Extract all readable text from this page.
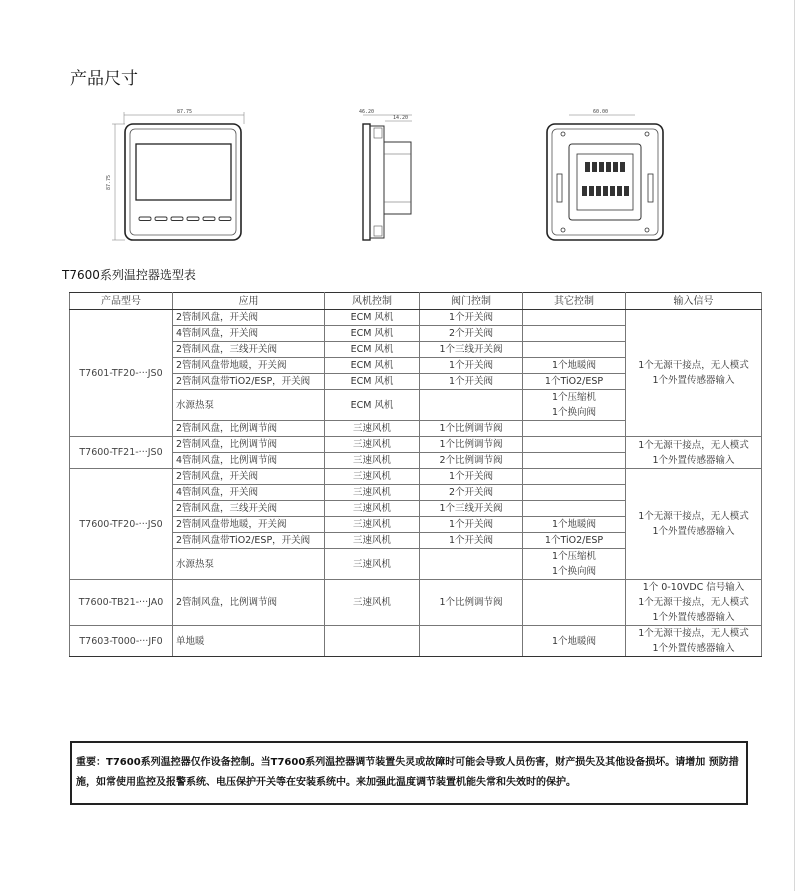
产品尺寸
87.75
87.75
46.20
14.20
60.00
T7600系列温控器选型表
产品型号	应用	风机控制	阀门控制	其它控制	输入信号
T7601-TF20-···JS0	2管制风盘，开关阀	ECM 风机	1个开关阀		1个无源干接点，无人模式
1个外置传感器输入
	4管制风盘，开关阀	ECM 风机	2个开关阀		
	2管制风盘，三线开关阀	ECM 风机	1个三线开关阀		
	2管制风盘带地暖，开关阀	ECM 风机	1个开关阀	1个地暖阀	
	2管制风盘带TiO2/ESP，开关阀	ECM 风机	1个开关阀	1个TiO2/ESP	
	水源热泵	ECM 风机		1个压缩机
1个换向阀	
	2管制风盘，比例调节阀	三速风机	1个比例调节阀		
T7600-TF21-···JS0	2管制风盘，比例调节阀	三速风机	1个比例调节阀		1个无源干接点，无人模式
1个外置传感器输入
	4管制风盘，比例调节阀	三速风机	2个比例调节阀		
T7600-TF20-···JS0	2管制风盘，开关阀	三速风机	1个开关阀		1个无源干接点，无人模式
1个外置传感器输入
	4管制风盘，开关阀	三速风机	2个开关阀		
	2管制风盘，三线开关阀	三速风机	1个三线开关阀		
	2管制风盘带地暖，开关阀	三速风机	1个开关阀	1个地暖阀	
	2管制风盘带TiO2/ESP，开关阀	三速风机	1个开关阀	1个TiO2/ESP	
	水源热泵	三速风机		1个压缩机
1个换向阀	
T7600-TB21-···JA0	2管制风盘，比例调节阀	三速风机	1个比例调节阀		1个 0-10VDC 信号输入
1个无源干接点，无人模式
1个外置传感器输入
T7603-T000-···JF0	单地暖			1个地暖阀	1个无源干接点，无人模式
1个外置传感器输入
重要：T7600系列温控器仅作设备控制。当T7600系列温控器调节装置失灵或故障时可能会导致人员伤害，财产损失及其他设备损坏。请增加 预防措施，如常使用监控及报警系统、电压保护开关等在安装系统中。来加强此温度调节装置机能失常和失效时的保护。
